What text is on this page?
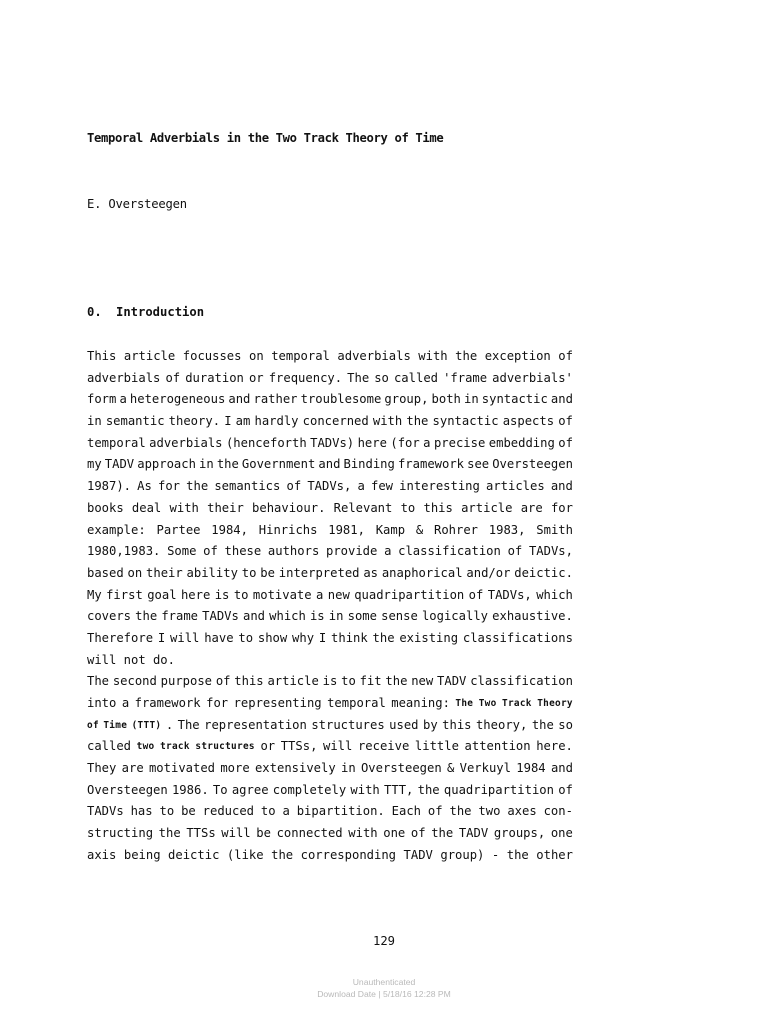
Temporal Adverbials in the Two Track Theory of Time
E. Oversteegen
0. Introduction
This article focusses on temporal adverbials with the exception of
adverbials of duration or frequency. The so called 'frame adverbials'
form a heterogeneous and rather troublesome group, both in syntactic and
in semantic theory. I am hardly concerned with the syntactic aspects of
temporal adverbials (henceforth TADVs) here (for a precise embedding of
my TADV approach in the Government and Binding framework see Oversteegen
1987). As for the semantics of TADVs, a few interesting articles and
books deal with their behaviour. Relevant to this article are for
example: Partee 1984, Hinrichs 1981, Kamp & Rohrer 1983, Smith
1980,1983. Some of these authors provide a classification of TADVs,
based on their ability to be interpreted as anaphorical and/or deictic.
My first goal here is to motivate a new quadripartition of TADVs, which
covers the frame TADVs and which is in some sense logically exhaustive.
Therefore I will have to show why I think the existing classifications
will not do.
The second purpose of this article is to fit the new TADV classification
into a framework for representing temporal meaning: The Two Track Theory
of Time (TTT) . The representation structures used by this theory, the so
called two track structures or TTSs, will receive little attention here.
They are motivated more extensively in Oversteegen & Verkuyl 1984 and
Oversteegen 1986. To agree completely with TTT, the quadripartition of
TADVs has to be reduced to a bipartition. Each of the two axes con-
structing the TTSs will be connected with one of the TADV groups, one
axis being deictic (like the corresponding TADV group) - the other
129
Unauthenticated
Download Date | 5/18/16 12:28 PM
